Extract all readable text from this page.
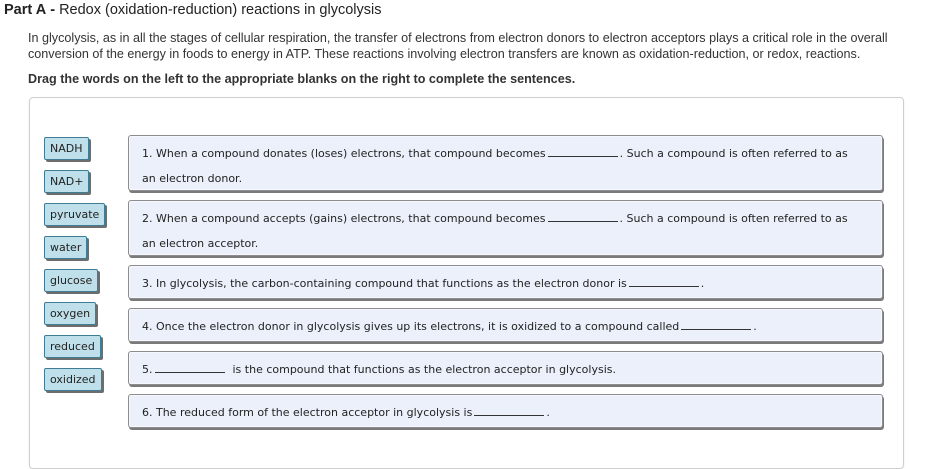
Part A - Redox (oxidation-reduction) reactions in glycolysis
In glycolysis, as in all the stages of cellular respiration, the transfer of electrons from electron donors to electron acceptors plays a critical role in the overall conversion of the energy in foods to energy in ATP. These reactions involving electron transfers are known as oxidation-reduction, or redox, reactions.
Drag the words on the left to the appropriate blanks on the right to complete the sentences.
NADH
NAD+
pyruvate
water
glucose
oxygen
reduced
oxidized
1. When a compound donates (loses) electrons, that compound becomes	. Such a compound is often referred to as
an electron donor.
2. When a compound accepts (gains) electrons, that compound becomes	. Such a compound is often referred to as
an electron acceptor.
3. In glycolysis, the carbon-containing compound that functions as the electron donor is	.
4. Once the electron donor in glycolysis gives up its electrons, it is oxidized to a compound called	.
5.	is the compound that functions as the electron acceptor in glycolysis.
6. The reduced form of the electron acceptor in glycolysis is	.
